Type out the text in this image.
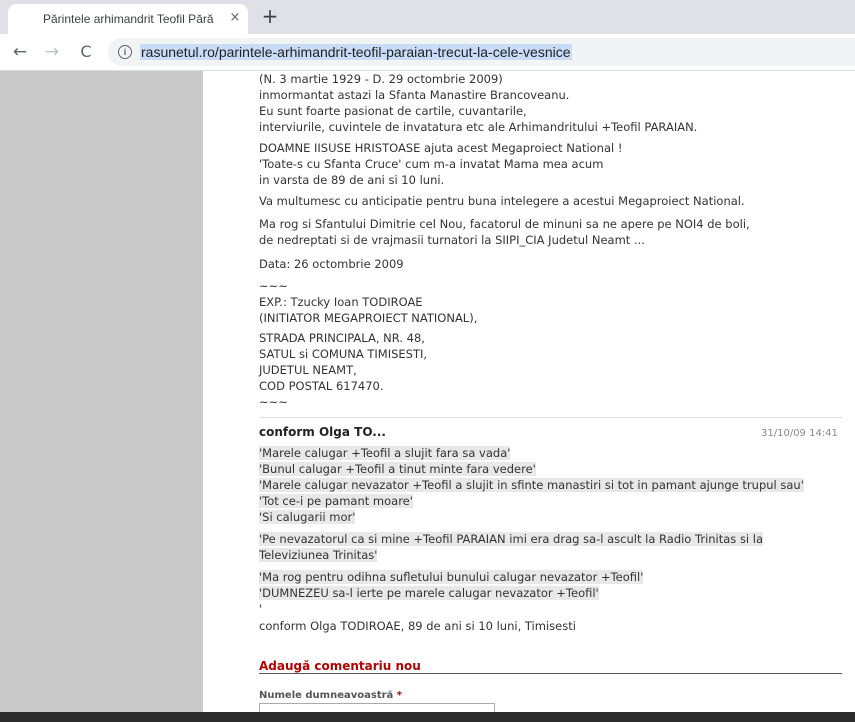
Părintele arhimandrit Teofil Pără	× +
← →	C	i	rasunetul.ro/parintele-arhimandrit-teofil-paraian-trecut-la-cele-vesnice
(N. 3 martie 1929 - D. 29 octombrie 2009)
inmormantat astazi la Sfanta Manastire Brancoveanu.
Eu sunt foarte pasionat de cartile, cuvantarile,
interviurile, cuvintele de invatatura etc ale Arhimandritului +Teofil PARAIAN.
DOAMNE IISUSE HRISTOASE ajuta acest Megaproiect National !
'Toate-s cu Sfanta Cruce' cum m-a invatat Mama mea acum
in varsta de 89 de ani si 10 luni.
Va multumesc cu anticipatie pentru buna intelegere a acestui Megaproiect National.
Ma rog si Sfantului Dimitrie cel Nou, facatorul de minuni sa ne apere pe NOI4 de boli,
de nedreptati si de vrajmasii turnatori la SIIPI_CIA Judetul Neamt ...
Data: 26 octombrie 2009
~~~
EXP.: Tzucky Ioan TODIROAE
(INITIATOR MEGAPROIECT NATIONAL),
STRADA PRINCIPALA, NR. 48,
SATUL si COMUNA TIMISESTI,
JUDETUL NEAMT,
COD POSTAL 617470.
~~~
conform Olga TO...	31/10/09 14:41
'Marele calugar +Teofil a slujit fara sa vada'
'Bunul calugar +Teofil a tinut minte fara vedere'
'Marele calugar nevazator +Teofil a slujit in sfinte manastiri si tot in pamant ajunge trupul sau'
'Tot ce-i pe pamant moare'
'Si calugarii mor'
'Pe nevazatorul ca si mine +Teofil PARAIAN imi era drag sa-l ascult la Radio Trinitas si la
Televiziunea Trinitas'
'Ma rog pentru odihna sufletului bunului calugar nevazator +Teofil'
'DUMNEZEU sa-l ierte pe marele calugar nevazator +Teofil'
'
conform Olga TODIROAE, 89 de ani si 10 luni, Timisesti
Adaugă comentariu nou
Numele dumneavoastră *
